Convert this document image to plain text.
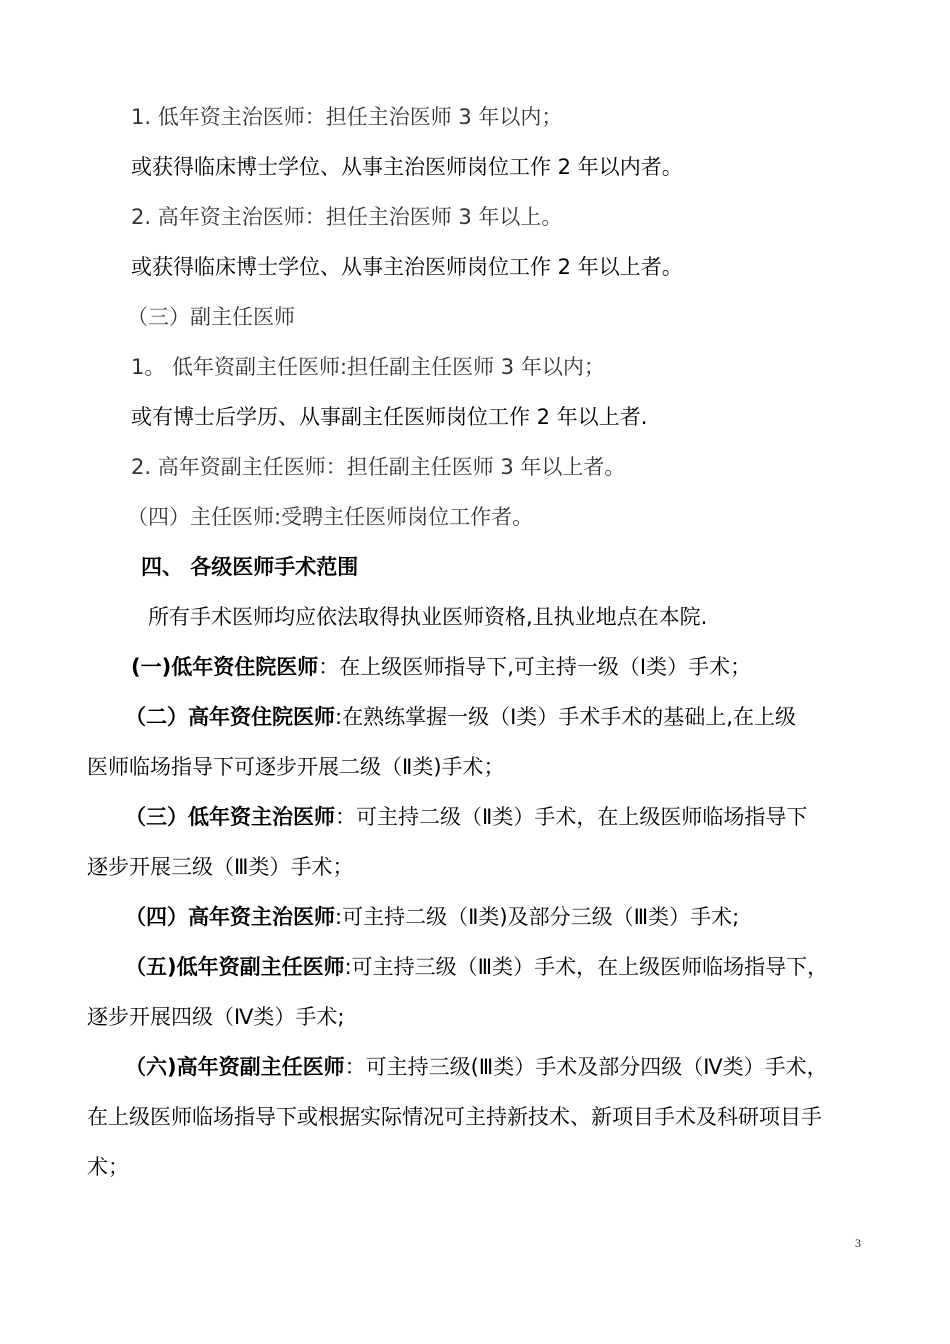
1. 低年资主治医师：担任主治医师 3 年以内；
或获得临床博士学位、从事主治医师岗位工作 2 年以内者。
2. 高年资主治医师：担任主治医师 3 年以上。
或获得临床博士学位、从事主治医师岗位工作 2 年以上者。
（三）副主任医师
1。 低年资副主任医师:担任副主任医师 3 年以内；
或有博士后学历、从事副主任医师岗位工作 2 年以上者.
2. 高年资副主任医师：担任副主任医师 3 年以上者。
（四）主任医师:受聘主任医师岗位工作者。
四、 各级医师手术范围
所有手术医师均应依法取得执业医师资格,且执业地点在本院.
(一)低年资住院医师：在上级医师指导下,可主持一级（Ⅰ类）手术；
（二）高年资住院医师:在熟练掌握一级（Ⅰ类）手术手术的基础上,在上级
医师临场指导下可逐步开展二级（Ⅱ类)手术；
（三）低年资主治医师：可主持二级（Ⅱ类）手术，在上级医师临场指导下
逐步开展三级（Ⅲ类）手术；
（四）高年资主治医师:可主持二级（Ⅱ类)及部分三级（Ⅲ类）手术;
（五)低年资副主任医师:可主持三级（Ⅲ类）手术，在上级医师临场指导下，
逐步开展四级（Ⅳ类）手术;
（六)高年资副主任医师：可主持三级(Ⅲ类）手术及部分四级（Ⅳ类）手术，
在上级医师临场指导下或根据实际情况可主持新技术、新项目手术及科研项目手
术；
3
